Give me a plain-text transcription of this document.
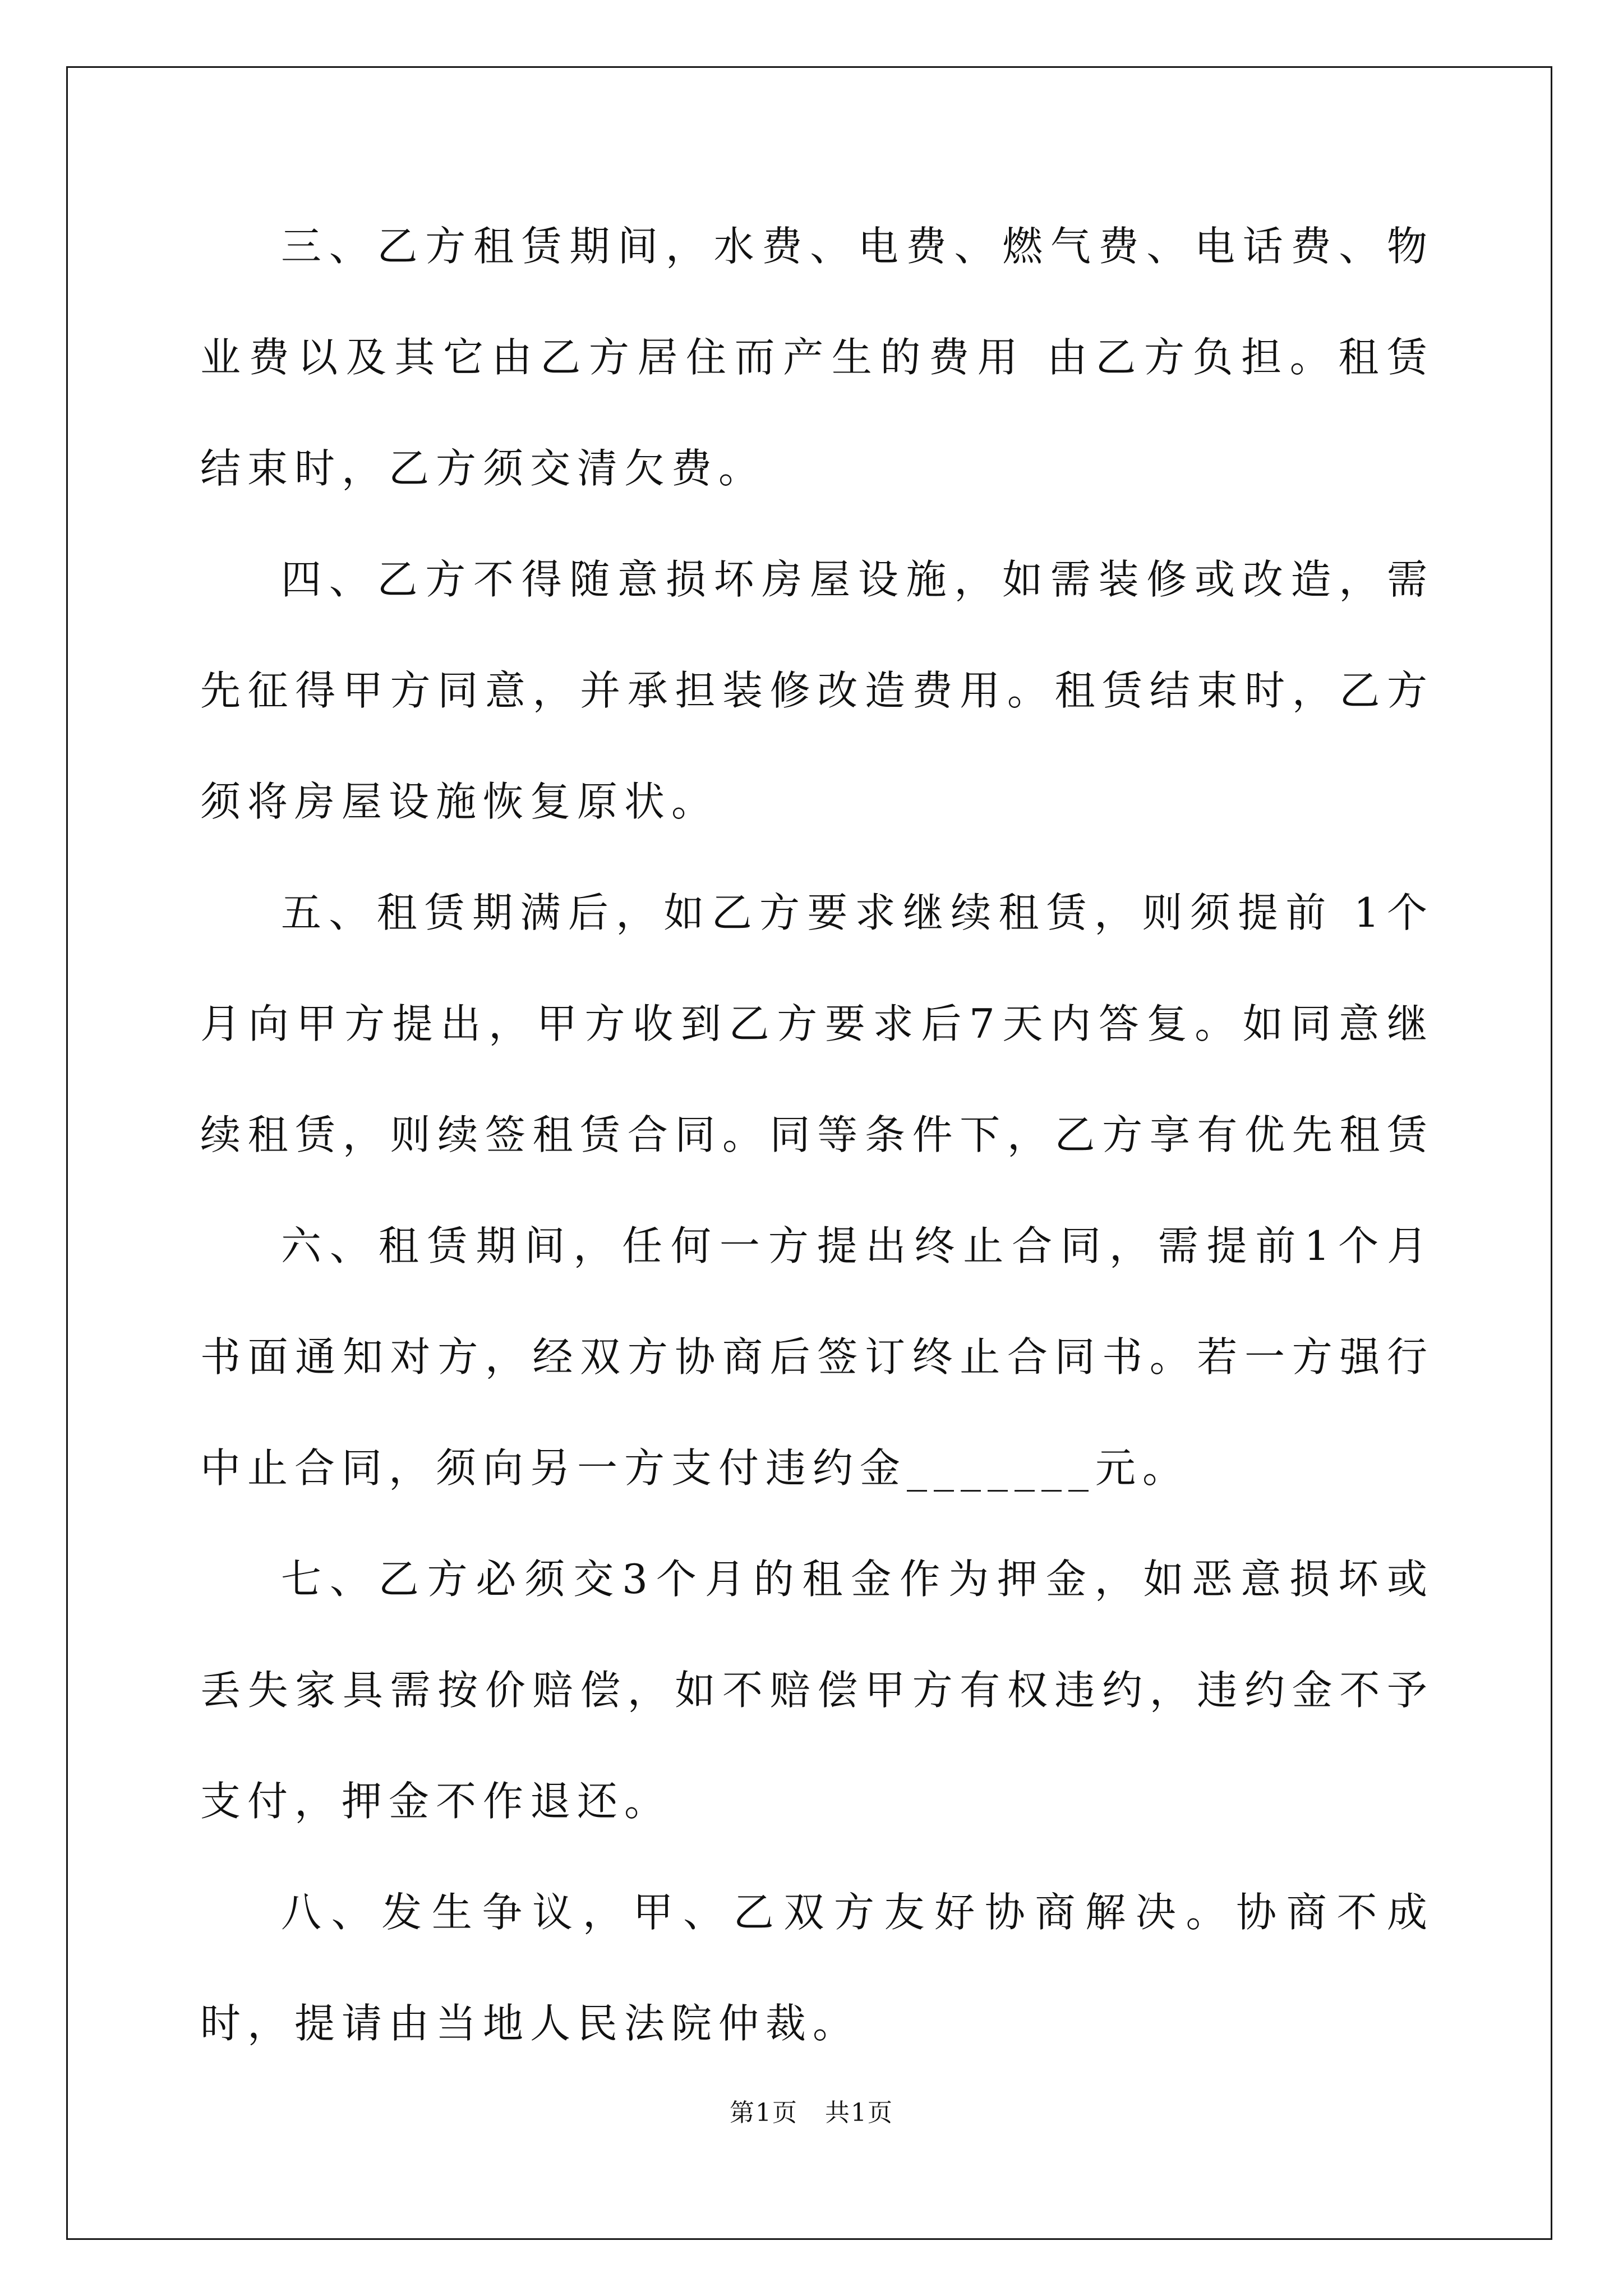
三、乙方租赁期间，水费、电费、燃气费、电话费、物业费以及其它由乙方居住而产生的费用 由乙方负担。租赁结束时，乙方须交清欠费。

四、乙方不得随意损坏房屋设施，如需装修或改造，需先征得甲方同意，并承担装修改造费用。租赁结束时，乙方须将房屋设施恢复原状。

五、租赁期满后，如乙方要求继续租赁，则须提前 1个月向甲方提出，甲方收到乙方要求后7天内答复。如同意继续租赁，则续签租赁合同。同等条件下，乙方享有优先租赁

六、租赁期间，任何一方提出终止合同，需提前1个月书面通知对方，经双方协商后签订终止合同书。若一方强行中止合同，须向另一方支付违约金_______元。

七、乙方必须交3个月的租金作为押金，如恶意损坏或丢失家具需按价赔偿，如不赔偿甲方有权违约，违约金不予支付，押金不作退还。

八、发生争议，甲、乙双方友好协商解决。协商不成时，提请由当地人民法院仲裁。

第1页 共1页
